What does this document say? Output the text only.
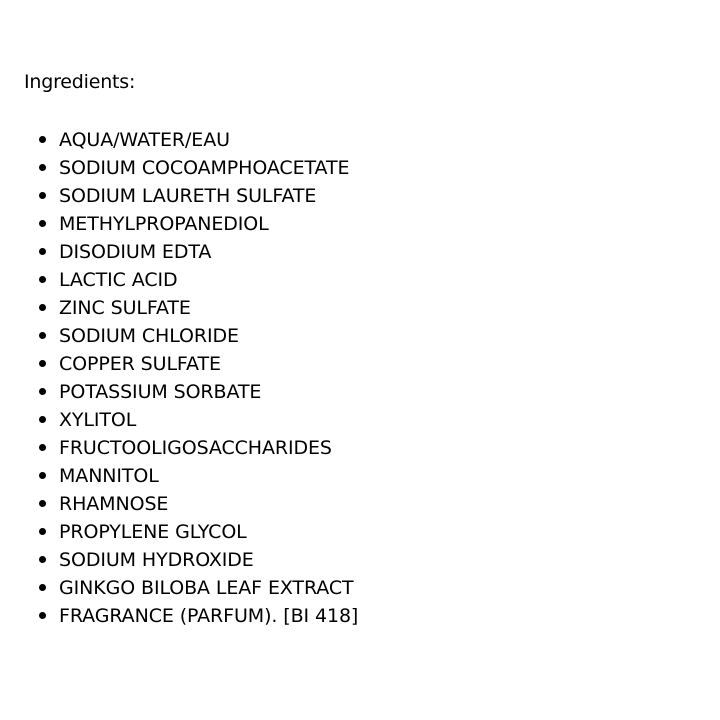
Ingredients:

AQUA/WATER/EAU
SODIUM COCOAMPHOACETATE
SODIUM LAURETH SULFATE
METHYLPROPANEDIOL
DISODIUM EDTA
LACTIC ACID
ZINC SULFATE
SODIUM CHLORIDE
COPPER SULFATE
POTASSIUM SORBATE
XYLITOL
FRUCTOOLIGOSACCHARIDES
MANNITOL
RHAMNOSE
PROPYLENE GLYCOL
SODIUM HYDROXIDE
GINKGO BILOBA LEAF EXTRACT
FRAGRANCE (PARFUM). [BI 418]
